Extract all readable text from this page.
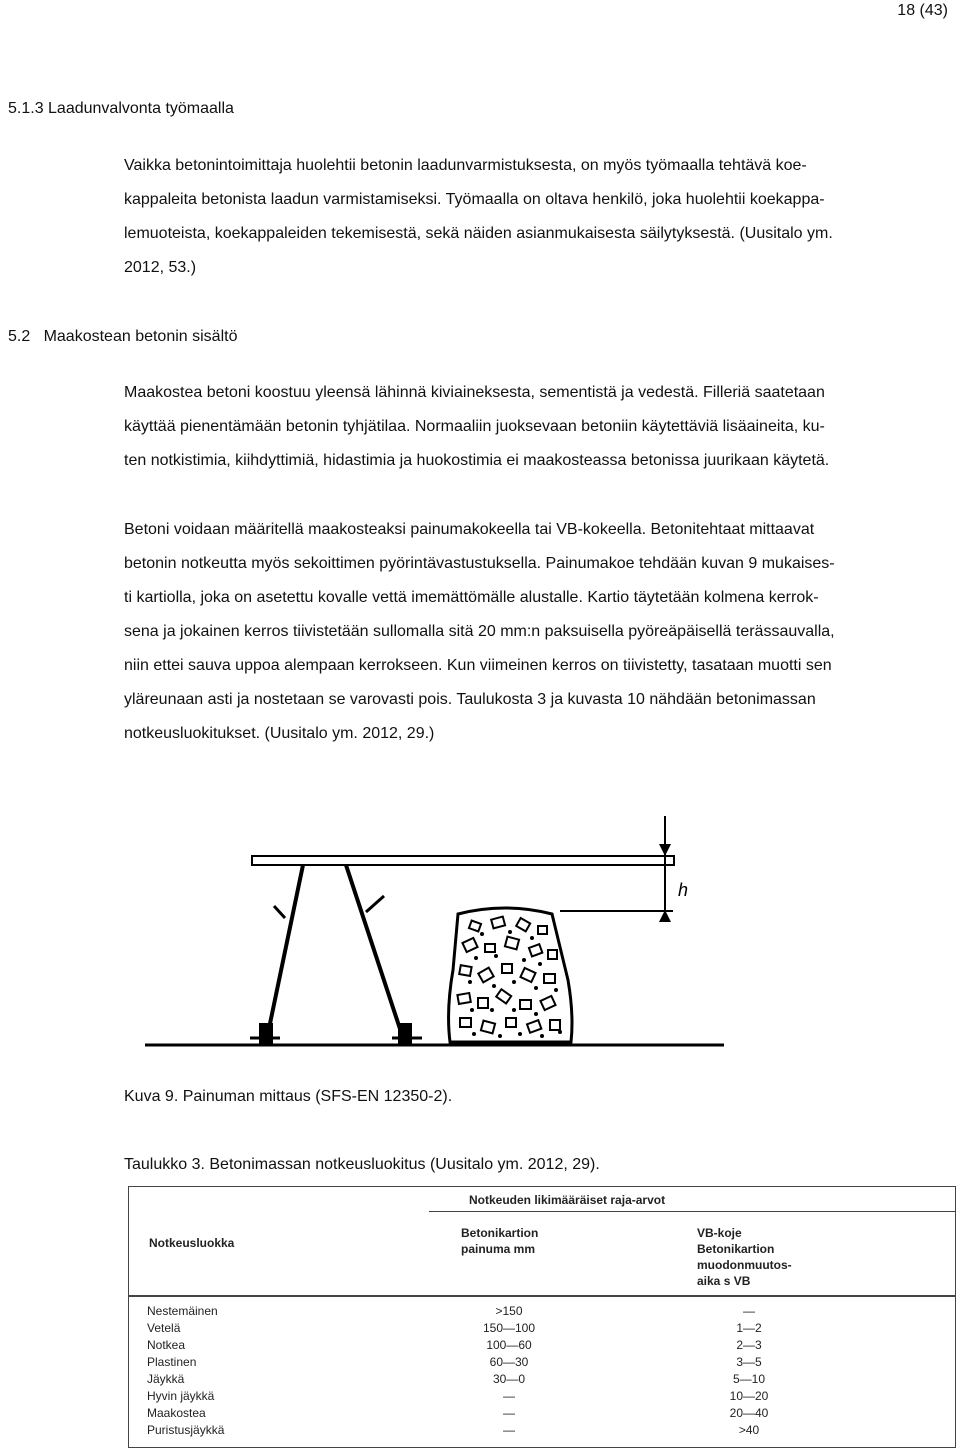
18 (43)
5.1.3 Laadunvalvonta työmaalla
Vaikka betonintoimittaja huolehtii betonin laadunvarmistuksesta, on myös työmaalla tehtävä koe-
kappaleita betonista laadun varmistamiseksi. Työmaalla on oltava henkilö, joka huolehtii koekappa-
lemuoteista, koekappaleiden tekemisestä, sekä näiden asianmukaisesta säilytyksestä. (Uusitalo ym.
2012, 53.)
5.2   Maakostean betonin sisältö
Maakostea betoni koostuu yleensä lähinnä kiviaineksesta, sementistä ja vedestä. Filleriä saatetaan
käyttää pienentämään betonin tyhjätilaa. Normaaliin juoksevaan betoniin käytettäviä lisäaineita, ku-
ten notkistimia, kiihdyttimiä, hidastimia ja huokostimia ei maakosteassa betonissa juurikaan käytetä.
Betoni voidaan määritellä maakosteaksi painumakokeella tai VB-kokeella. Betonitehtaat mittaavat
betonin notkeutta myös sekoittimen pyörintävastustuksella. Painumakoe tehdään kuvan 9 mukaises-
ti kartiolla, joka on asetettu kovalle vettä imemättömälle alustalle. Kartio täytetään kolmena kerrok-
sena ja jokainen kerros tiivistetään sullomalla sitä 20 mm:n paksuisella pyöreäpäisellä terässauvalla,
niin ettei sauva uppoa alempaan kerrokseen. Kun viimeinen kerros on tiivistetty, tasataan muotti sen
yläreunaan asti ja nostetaan se varovasti pois. Taulukosta 3 ja kuvasta 10 nähdään betonimassan
notkeusluokitukset. (Uusitalo ym. 2012, 29.)
h
Kuva 9. Painuman mittaus (SFS-EN 12350-2).
Taulukko 3. Betonimassan notkeusluokitus (Uusitalo ym. 2012, 29).
Notkeuden likimääräiset raja-arvot
Notkeusluokka
Betonikartion
painuma mm
VB-koje
Betonikartion
muodonmuutos-
aika s VB
Nestemäinen	>150	—
Vetelä	150—100	1—2
Notkea	100—60	2—3
Plastinen	60—30	3—5
Jäykkä	30—0	5—10
Hyvin jäykkä	—	10—20
Maakostea	—	20—40
Puristusjäykkä	—	>40
